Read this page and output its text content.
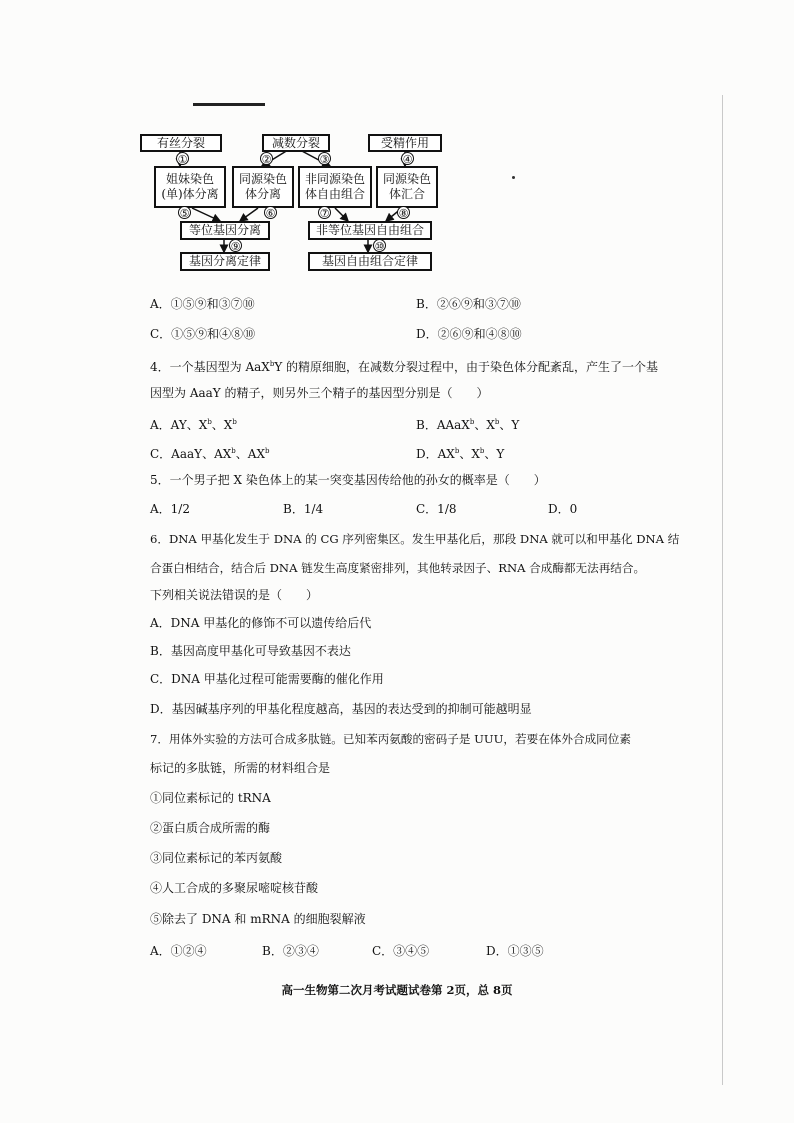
有丝分裂	减数分裂	受精作用
姐妹染色
(单)体分离
同源染色
体分离
非同源染色
体自由组合
同源染色
体汇合
等位基因分离	非等位基因自由组合
基因分离定律	基因自由组合定律
①	②	③	④
⑤	⑥	⑦	⑧
⑨	⑩
A．①⑤⑨和③⑦⑩	B．②⑥⑨和③⑦⑩
C．①⑤⑨和④⑧⑩	D．②⑥⑨和④⑧⑩
4．一个基因型为 AaX$^b$Y 的精原细胞，在减数分裂过程中，由于染色体分配紊乱，产生了一个基
因型为 AaaY 的精子，则另外三个精子的基因型分别是（　　）
A．AY、$X^b$、$X^b$	B．AAaX$^b$、$X^b$、Y
C．AaaY、$AX^b$、$AX^b$	D．$AX^b$、$X^b$、Y
5．一个男子把 X 染色体上的某一突变基因传给他的孙女的概率是（　　）
A．1/2	B．1/4	C．1/8	D．0
6．DNA 甲基化发生于 DNA 的 CG 序列密集区。发生甲基化后，那段 DNA 就可以和甲基化 DNA 结
合蛋白相结合，结合后 DNA 链发生高度紧密排列，其他转录因子、RNA 合成酶都无法再结合。
下列相关说法错误的是（　　）
A．DNA 甲基化的修饰不可以遗传给后代
B．基因高度甲基化可导致基因不表达
C．DNA 甲基化过程可能需要酶的催化作用
D．基因碱基序列的甲基化程度越高，基因的表达受到的抑制可能越明显
7．用体外实验的方法可合成多肽链。已知苯丙氨酸的密码子是 UUU，若要在体外合成同位素
标记的多肽链，所需的材料组合是
①同位素标记的 tRNA
②蛋白质合成所需的酶
③同位素标记的苯丙氨酸
④人工合成的多聚尿嘧啶核苷酸
⑤除去了 DNA 和 mRNA 的细胞裂解液
A．①②④	B．②③④	C．③④⑤	D．①③⑤
高一生物第二次月考试题试卷第 2页，总 8页
